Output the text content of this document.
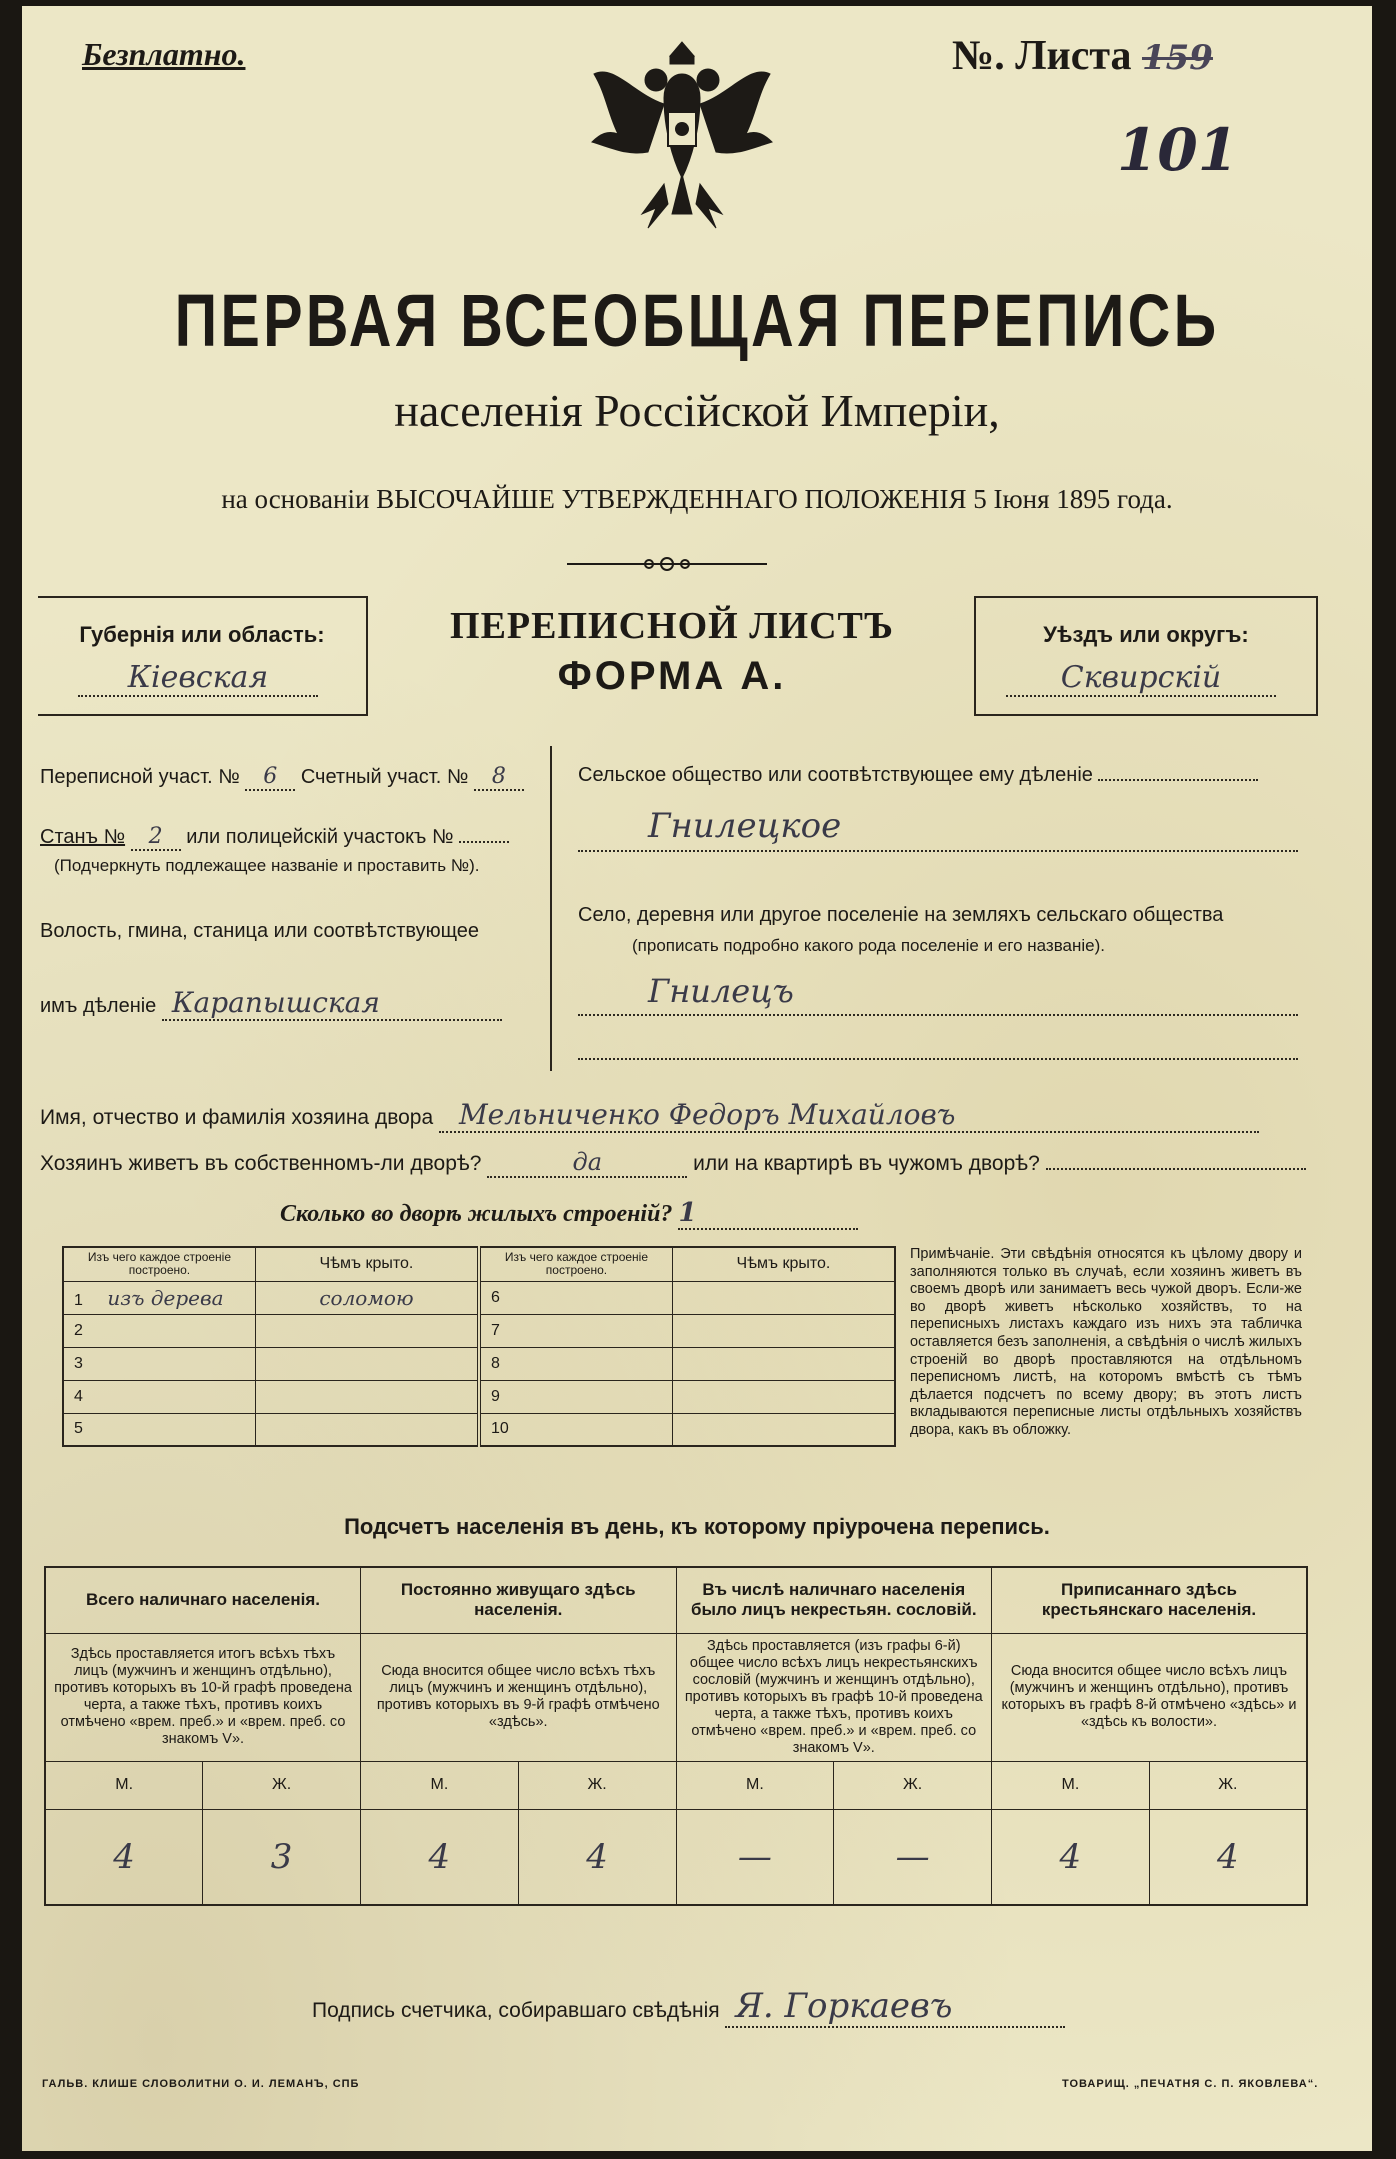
Безплатно.	№. Листа 159
101
ПЕРВАЯ ВСЕОБЩАЯ ПЕРЕПИСЬ
населенія Россійской Имперіи,
на основаніи ВЫСОЧАЙШЕ УТВЕРЖДЕННАГО ПОЛОЖЕНІЯ 5 Іюня 1895 года.
Губернія или область:
Кіевская
ПЕРЕПИСНОЙ ЛИСТЪ
ФОРМА А.
Уѣздъ или округъ:
Сквирскій
Переписной участ. № 6 Счетный участ. № 8
Станъ № 2 или полицейскій участокъ №
(Подчеркнуть подлежащее названіе и проставить №).
Волость, гмина, станица или соотвѣтствующее
имъ дѣленіе Карапышская
Сельское общество или соотвѣтствующее ему дѣленіе
Гнилецкое
Село, деревня или другое поселеніе на земляхъ сельскаго общества
(прописать подробно какого рода поселеніе и его названіе).
Гнилецъ
Имя, отчество и фамилія хозяина двора Мельниченко Федоръ Михайловъ
Хозяинъ живетъ въ собственномъ-ли дворѣ?	да	или на квартирѣ въ чужомъ дворѣ?
Сколько во дворѣ жилыхъ строеній? 1
Изъ чего каждое строеніе построено.	Чѣмъ крыто.	Изъ чего каждое строеніе построено.	Чѣмъ крыто.
1 изъ дерева	соломою	6	
2		7	
3		8	
4		9	
5		10	
Примѣчаніе. Эти свѣдѣнія относятся къ цѣлому двору и заполняются только въ случаѣ, если хозяинъ живетъ въ своемъ дворѣ или занимаетъ весь чужой дворъ. Если-же во дворѣ живетъ нѣсколько хозяйствъ, то на переписныхъ листахъ каждаго изъ нихъ эта табличка оставляется безъ заполненія, а свѣдѣнія о числѣ жилыхъ строеній во дворѣ проставляются на отдѣльномъ переписномъ листѣ, на которомъ вмѣстѣ съ тѣмъ дѣлается подсчетъ по всему двору; въ этотъ листъ вкладываются переписные листы отдѣльныхъ хозяйствъ двора, какъ въ обложку.
Подсчетъ населенія въ день, къ которому пріурочена перепись.
Всего наличнаго населенія.		Постоянно живущаго здѣсь населенія.		Въ числѣ наличнаго населенія было лицъ некрестьян. сословій.		Приписаннаго здѣсь крестьянскаго населенія.	
Здѣсь проставляется итогъ всѣхъ тѣхъ лицъ (мужчинъ и женщинъ отдѣльно), противъ которыхъ въ 10-й графѣ проведена черта, а также тѣхъ, противъ коихъ отмѣчено «врем. преб.» и «врем. преб. со знакомъ V».		Сюда вносится общее число всѣхъ тѣхъ лицъ (мужчинъ и женщинъ отдѣльно), противъ которыхъ въ 9-й графѣ отмѣчено «здѣсь».		Здѣсь проставляется (изъ графы 6-й) общее число всѣхъ лицъ некрестьянскихъ сословій (мужчинъ и женщинъ отдѣльно), противъ которыхъ въ графѣ 10-й проведена черта, а также тѣхъ, противъ коихъ отмѣчено «врем. преб.» и «врем. преб. со знакомъ V».		Сюда вносится общее число всѣхъ лицъ (мужчинъ и женщинъ отдѣльно), противъ которыхъ въ графѣ 8-й отмѣчено «здѣсь» и «здѣсь къ волости».	
М.	Ж.	М.	Ж.	М.	Ж.	М.	Ж.
4	3	4	4	—	—	4	4
Подпись счетчика, собиравшаго свѣдѣнія Я. Горкаевъ
ГАЛЬВ. КЛИШЕ СЛОВОЛИТНИ О. И. ЛЕМАНЪ, СПБ	ТОВАРИЩ. „ПЕЧАТНЯ С. П. ЯКОВЛЕВА“.
